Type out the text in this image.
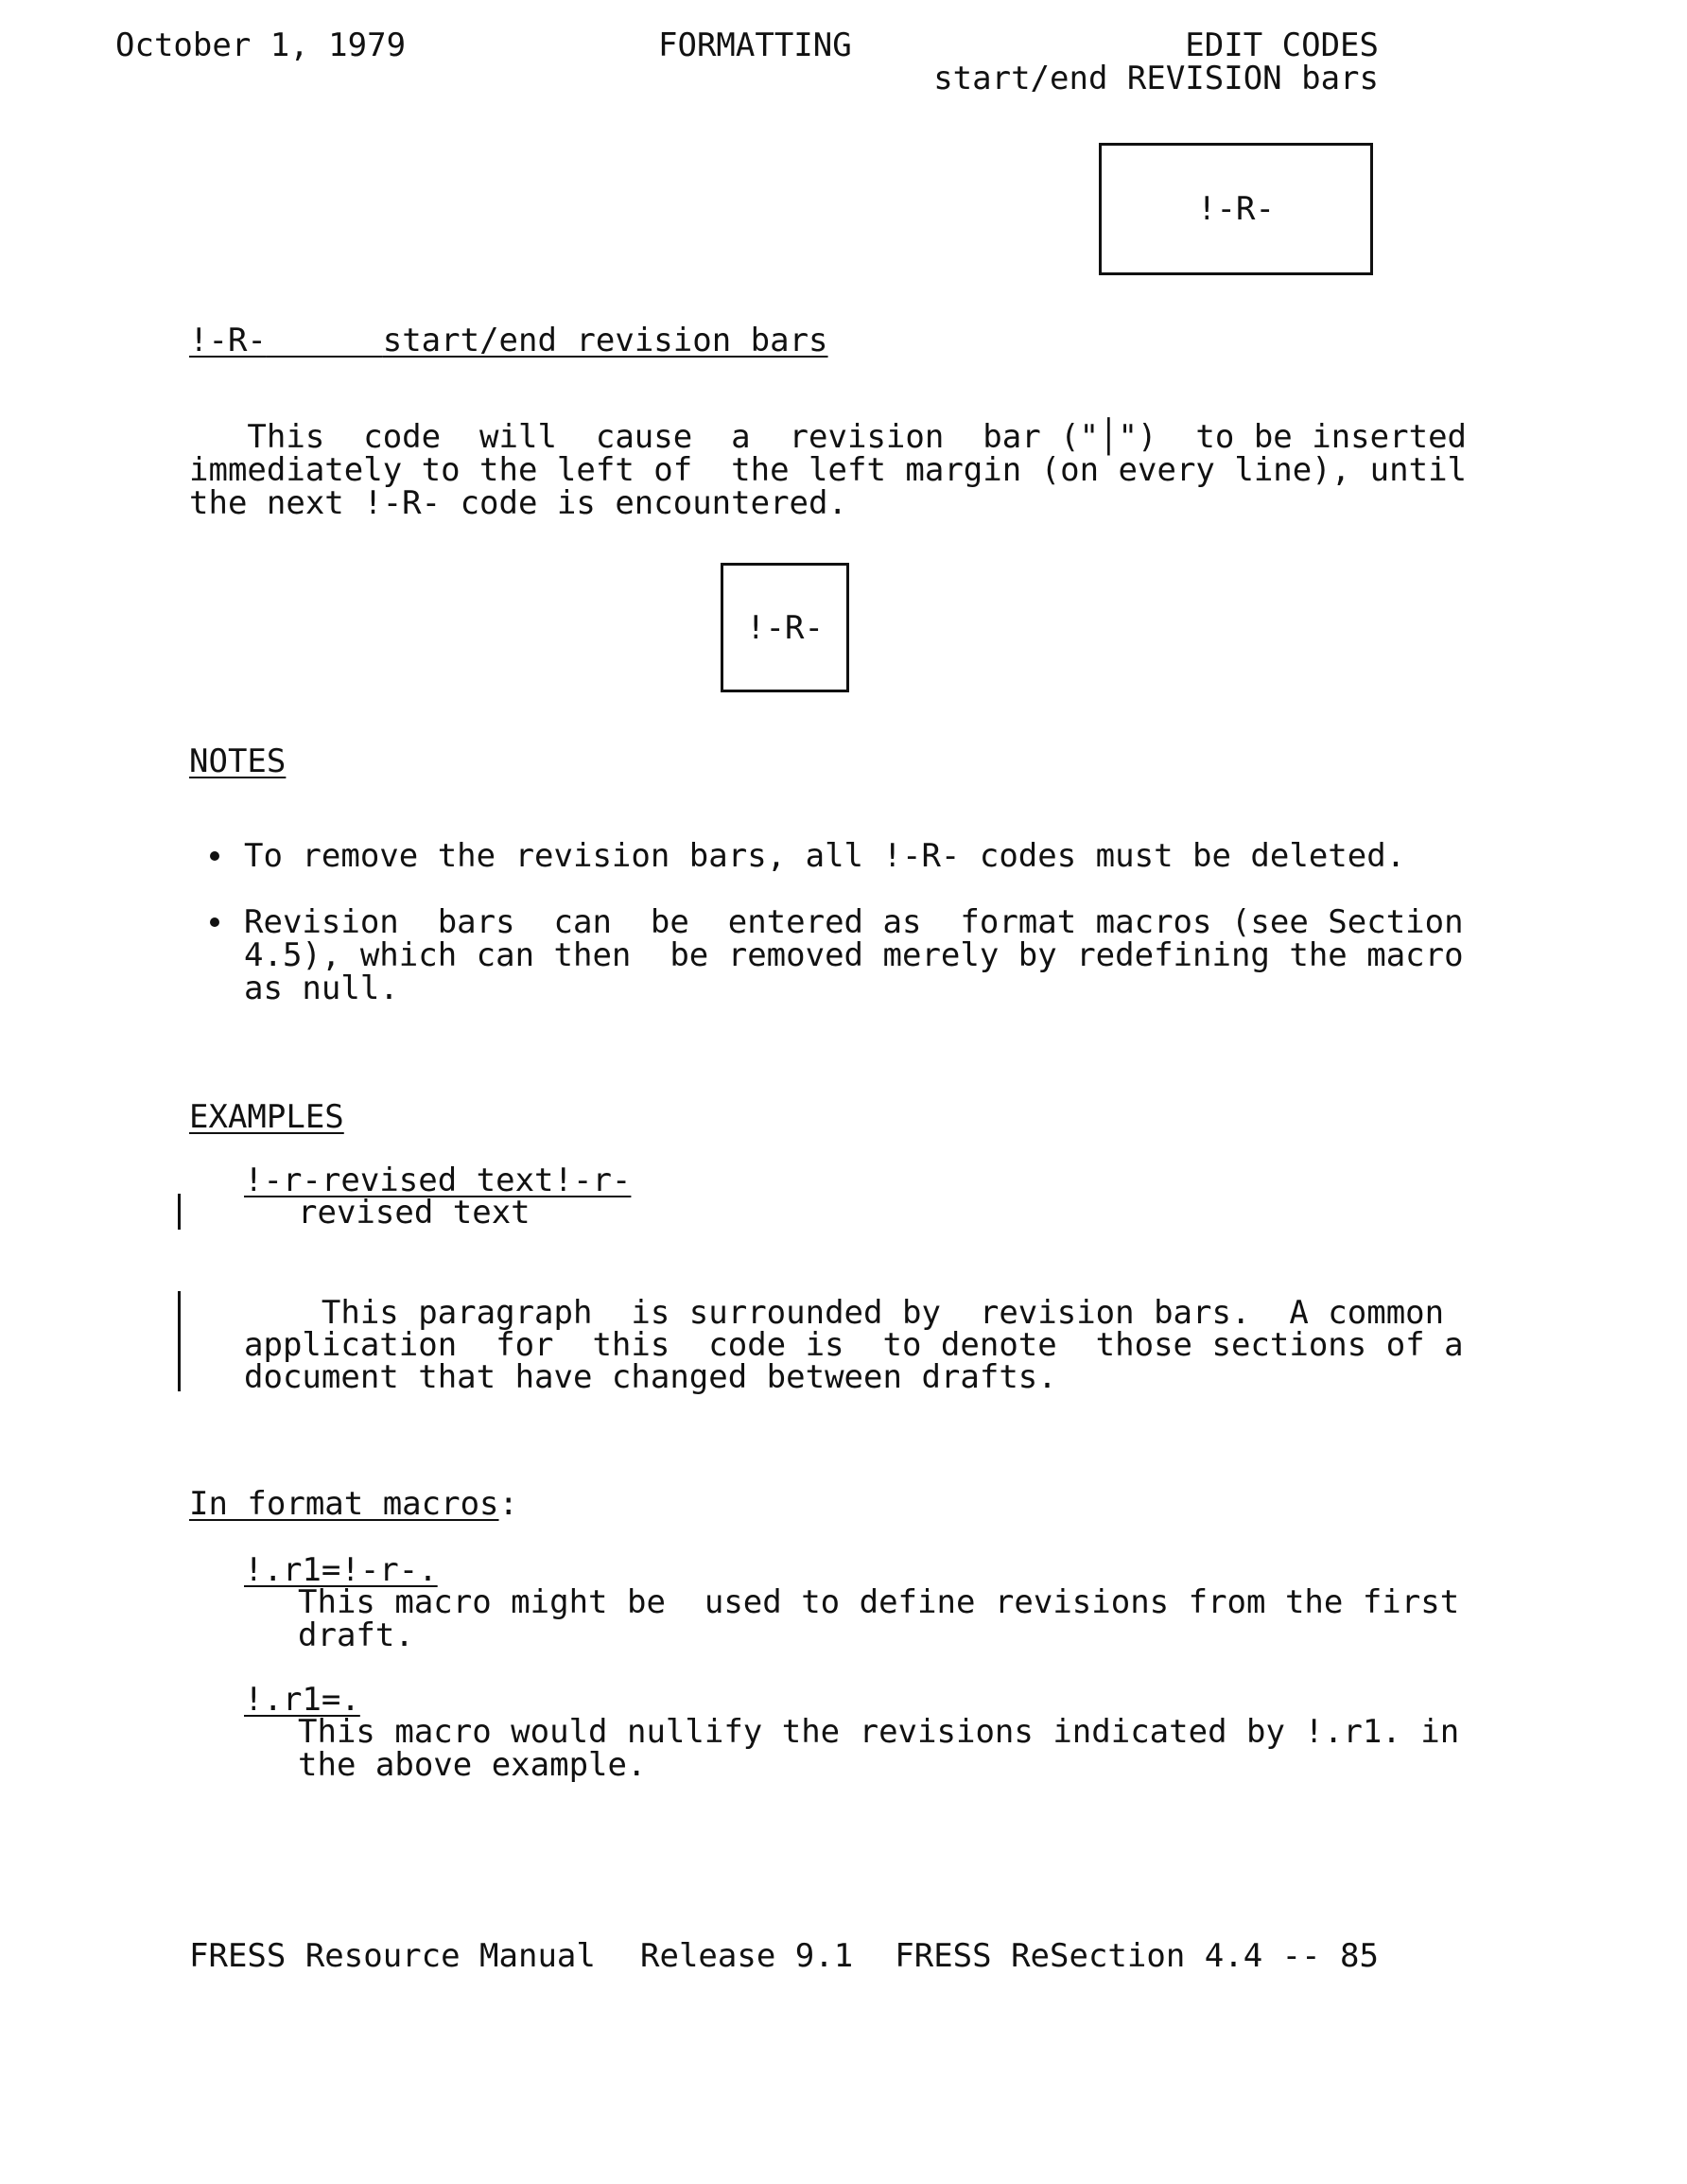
October 1, 1979	FORMATTING	EDIT CODES
start/end REVISION bars
!-R-
!-R-	start/end revision bars
This  code  will  cause  a  revision  bar ("│")  to be inserted
immediately to the left of  the left margin (on every line), until
the next !-R- code is encountered.
!-R-
NOTES
To remove the revision bars, all !-R- codes must be deleted.
Revision  bars  can  be  entered as  format macros (see Section
4.5), which can then  be removed merely by redefining the macro
as null.
EXAMPLES
!-r-revised text!-r-
revised text
This paragraph  is surrounded by  revision bars.  A common
application  for  this  code is  to denote  those sections of a
document that have changed between drafts.
In format macros:
!.r1=!-r-.
This macro might be  used to define revisions from the first
draft.
!.r1=.
This macro would nullify the revisions indicated by !.r1. in
the above example.
FRESS Resource Manual Release 9.1 FRESS ReSection 4.4 -- 85
